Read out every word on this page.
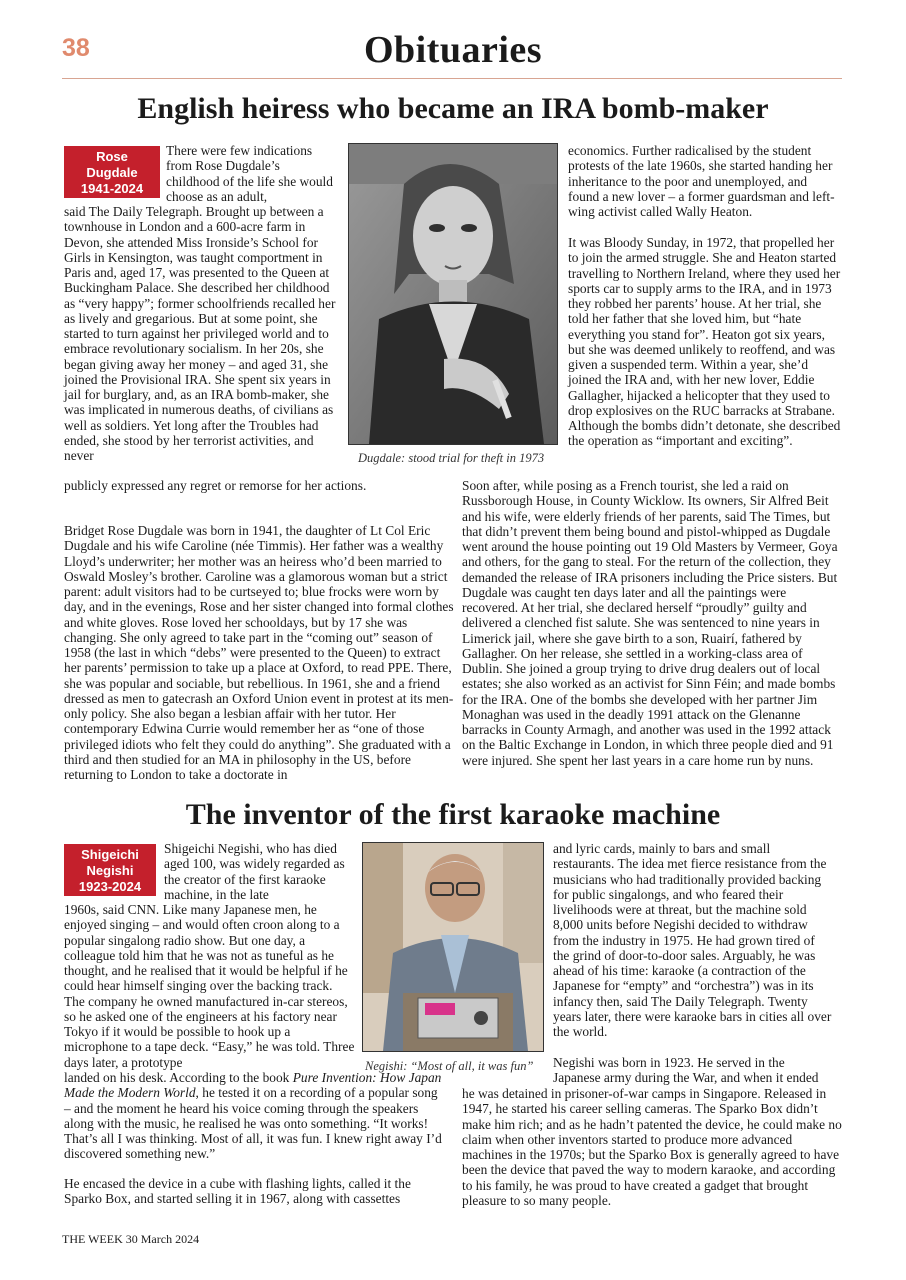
38	Obituaries
English heiress who became an IRA bomb-maker
Rose
Dugdale
1941-2024

There were few indications from Rose Dugdale’s childhood of the life she would choose as an adult,

said The Daily Telegraph. Brought up between a townhouse in London and a 600-acre farm in Devon, she attended Miss Ironside’s School for Girls in Kensington, was taught comportment in Paris and, aged 17, was presented to the Queen at Buckingham Palace. She described her childhood as “very happy”; former schoolfriends recalled her as lively and gregarious. But at some point, she started to turn against her privileged world and to embrace revolutionary socialism. In her 20s, she began giving away her money – and aged 31, she joined the Provisional IRA. She spent six years in jail for burglary, and, as an IRA bomb-maker, she was implicated in numerous deaths, of civilians as well as soldiers. Yet long after the Troubles had ended, she stood by her terrorist activities, and never

publicly expressed any regret or remorse for her actions.

Dugdale: stood trial for theft in 1973

Bridget Rose Dugdale was born in 1941, the daughter of Lt Col Eric Dugdale and his wife Caroline (née Timmis). Her father was a wealthy Lloyd’s underwriter; her mother was an heiress who’d been married to Oswald Mosley’s brother. Caroline was a glamorous woman but a strict parent: adult visitors had to be curtseyed to; blue frocks were worn by day, and in the evenings, Rose and her sister changed into formal clothes and white gloves. Rose loved her schooldays, but by 17 she was changing. She only agreed to take part in the “coming out” season of 1958 (the last in which “debs” were presented to the Queen) to extract her parents’ permission to take up a place at Oxford, to read PPE. There, she was popular and sociable, but rebellious. In 1961, she and a friend dressed as men to gatecrash an Oxford Union event in protest at its men-only policy. She also began a lesbian affair with her tutor. Her contemporary Edwina Currie would remember her as “one of those privileged idiots who felt they could do anything”. She graduated with a third and then studied for an MA in philosophy in the US, before returning to London to take a doctorate in

economics. Further radicalised by the student protests of the late 1960s, she started handing her inheritance to the poor and unemployed, and found a new lover – a former guardsman and left-wing activist called Wally Heaton.

It was Bloody Sunday, in 1972, that propelled her to join the armed struggle. She and Heaton started travelling to Northern Ireland, where they used her sports car to supply arms to the IRA, and in 1973 they robbed her parents’ house. At her trial, she told her father that she loved him, but “hate everything you stand for”. Heaton got six years, but she was deemed unlikely to reoffend, and was given a suspended term. Within a year, she’d joined the IRA and, with her new lover, Eddie Gallagher, hijacked a helicopter that they used to drop explosives on the RUC barracks at Strabane. Although the bombs didn’t detonate, she described the operation as “important and exciting”.

Soon after, while posing as a French tourist, she led a raid on Russborough House, in County Wicklow. Its owners, Sir Alfred Beit and his wife, were elderly friends of her parents, said The Times, but that didn’t prevent them being bound and pistol-whipped as Dugdale went around the house pointing out 19 Old Masters by Vermeer, Goya and others, for the gang to steal. For the return of the collection, they demanded the release of IRA prisoners including the Price sisters. But Dugdale was caught ten days later and all the paintings were recovered. At her trial, she declared herself “proudly” guilty and delivered a clenched fist salute. She was sentenced to nine years in Limerick jail, where she gave birth to a son, Ruairí, fathered by Gallagher. On her release, she settled in a working-class area of Dublin. She joined a group trying to drive drug dealers out of local estates; she also worked as an activist for Sinn Féin; and made bombs for the IRA. One of the bombs she developed with her partner Jim Monaghan was used in the deadly 1991 attack on the Glenanne barracks in County Armagh, and another was used in the 1992 attack on the Baltic Exchange in London, in which three people died and 91 were injured. She spent her last years in a care home run by nuns.

The inventor of the first karaoke machine
Shigeichi
Negishi
1923-2024

Shigeichi Negishi, who has died aged 100, was widely regarded as the creator of the first karaoke machine, in the late

1960s, said CNN. Like many Japanese men, he enjoyed singing – and would often croon along to a popular singalong radio show. But one day, a colleague told him that he was not as tuneful as he thought, and he realised that it would be helpful if he could hear himself singing over the backing track. The company he owned manufactured in-car stereos, so he asked one of the engineers at his factory near Tokyo if it would be possible to hook up a microphone to a tape deck. “Easy,” he was told. Three days later, a prototype	Negishi: “Most of all, it was fun”

landed on his desk. According to the book Pure Invention: How Japan Made the Modern World, he tested it on a recording of a popular song – and the moment he heard his voice coming through the speakers along with the music, he realised he was onto something. “It works! That’s all I was thinking. Most of all, it was fun. I knew right away I’d discovered something new.”

He encased the device in a cube with flashing lights, called it the Sparko Box, and started selling it in 1967, along with cassettes

and lyric cards, mainly to bars and small restaurants. The idea met fierce resistance from the musicians who had traditionally provided backing for public singalongs, and who feared their livelihoods were at threat, but the machine sold 8,000 units before Negishi decided to withdraw from the industry in 1975. He had grown tired of the grind of door-to-door sales. Arguably, he was ahead of his time: karaoke (a contraction of the Japanese for “empty” and “orchestra”) was in its infancy then, said The Daily Telegraph. Twenty years later, there were karaoke bars in cities all over the world.

Negishi was born in 1923. He served in the Japanese army during the War, and when it ended

he was detained in prisoner-of-war camps in Singapore. Released in 1947, he started his career selling cameras. The Sparko Box didn’t make him rich; and as he hadn’t patented the device, he could make no claim when other inventors started to produce more advanced machines in the 1970s; but the Sparko Box is generally agreed to have been the device that paved the way to modern karaoke, and according to his family, he was proud to have created a gadget that brought pleasure to so many people.

THE WEEK 30 March 2024
